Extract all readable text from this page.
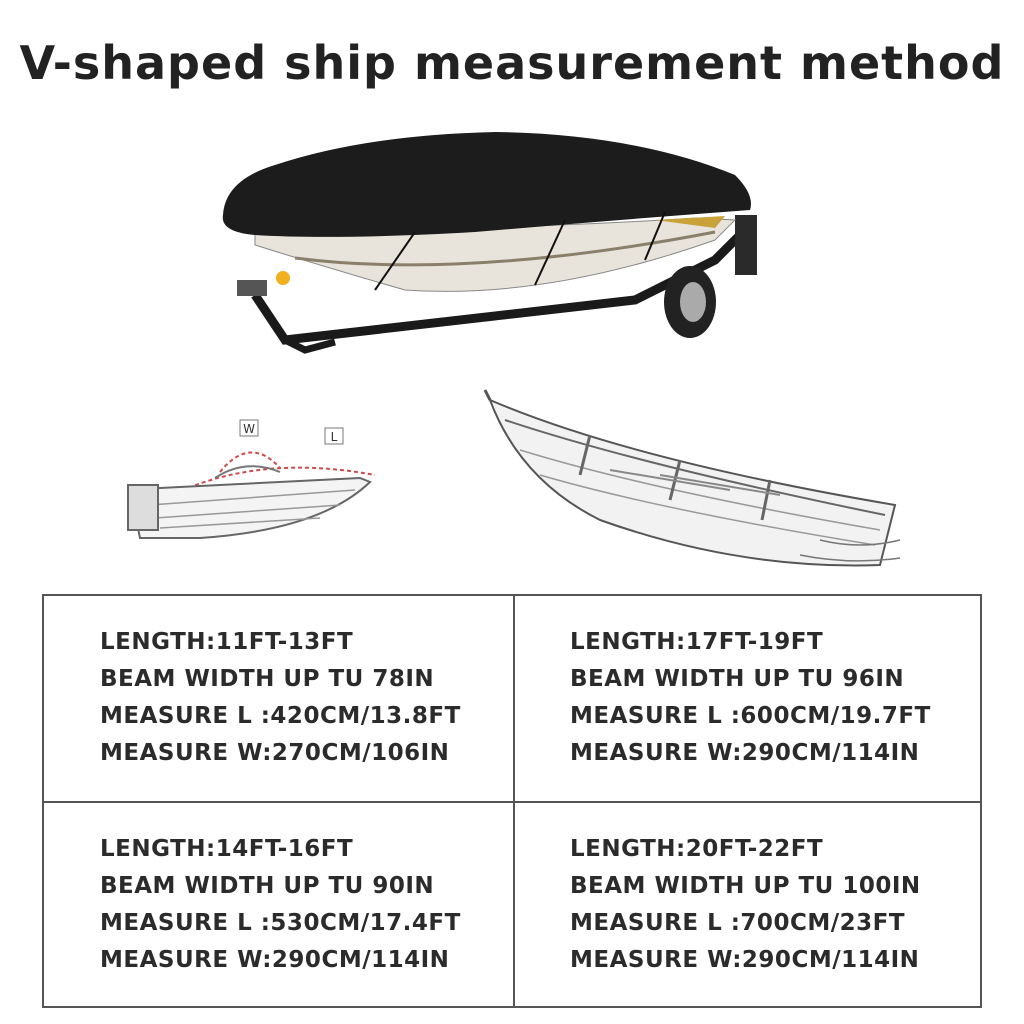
V-shaped ship measurement method
W
L
LENGTH:11FT-13FT
BEAM WIDTH UP TU 78IN
MEASURE L :420CM/13.8FT
MEASURE W:270CM/106IN
LENGTH:17FT-19FT
BEAM WIDTH UP TU 96IN
MEASURE L :600CM/19.7FT
MEASURE W:290CM/114IN
LENGTH:14FT-16FT
BEAM WIDTH UP TU 90IN
MEASURE L :530CM/17.4FT
MEASURE W:290CM/114IN
LENGTH:20FT-22FT
BEAM WIDTH UP TU 100IN
MEASURE L :700CM/23FT
MEASURE W:290CM/114IN
